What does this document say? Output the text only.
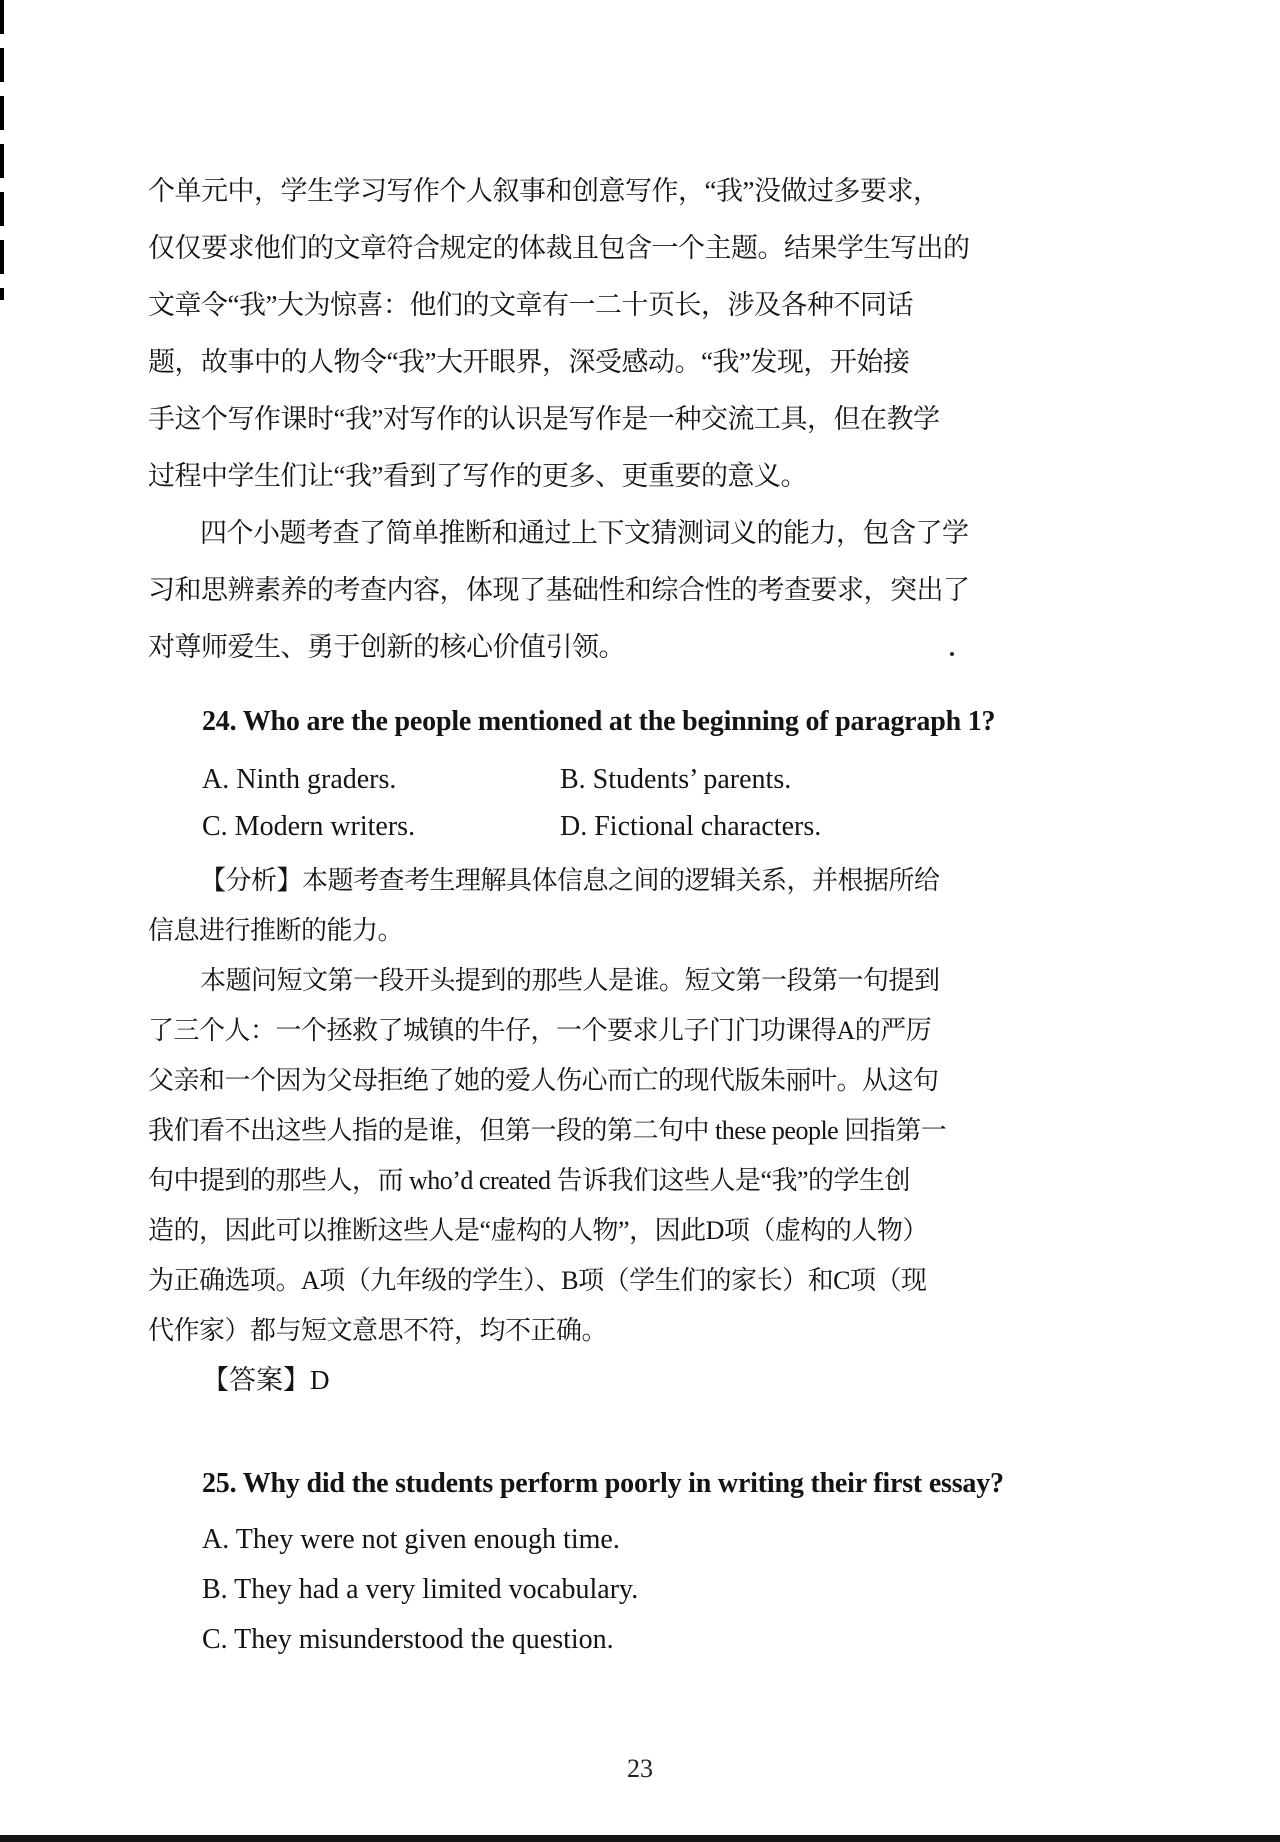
个单元中，学生学习写作个人叙事和创意写作，“我”没做过多要求，
仅仅要求他们的文章符合规定的体裁且包含一个主题。结果学生写出的
文章令“我”大为惊喜：他们的文章有一二十页长，涉及各种不同话
题，故事中的人物令“我”大开眼界，深受感动。“我”发现，开始接
手这个写作课时“我”对写作的认识是写作是一种交流工具，但在教学
过程中学生们让“我”看到了写作的更多、更重要的意义。
四个小题考查了简单推断和通过上下文猜测词义的能力，包含了学
习和思辨素养的考查内容，体现了基础性和综合性的考查要求，突出了
对尊师爱生、勇于创新的核心价值引领。
24. Who are the people mentioned at the beginning of paragraph 1?
A. Ninth graders.	B. Students’ parents.
C. Modern writers.	D. Fictional characters.
【分析】本题考查考生理解具体信息之间的逻辑关系，并根据所给
信息进行推断的能力。
本题问短文第一段开头提到的那些人是谁。短文第一段第一句提到
了三个人：一个拯救了城镇的牛仔，一个要求儿子门门功课得A的严厉
父亲和一个因为父母拒绝了她的爱人伤心而亡的现代版朱丽叶。从这句
我们看不出这些人指的是谁，但第一段的第二句中 these people 回指第一
句中提到的那些人，而 who’d created 告诉我们这些人是“我”的学生创
造的，因此可以推断这些人是“虚构的人物”，因此D项（虚构的人物）
为正确选项。A项（九年级的学生）、B项（学生们的家长）和C项（现
代作家）都与短文意思不符，均不正确。
【答案】D
25. Why did the students perform poorly in writing their first essay?
A. They were not given enough time.
B. They had a very limited vocabulary.
C. They misunderstood the question.
23
